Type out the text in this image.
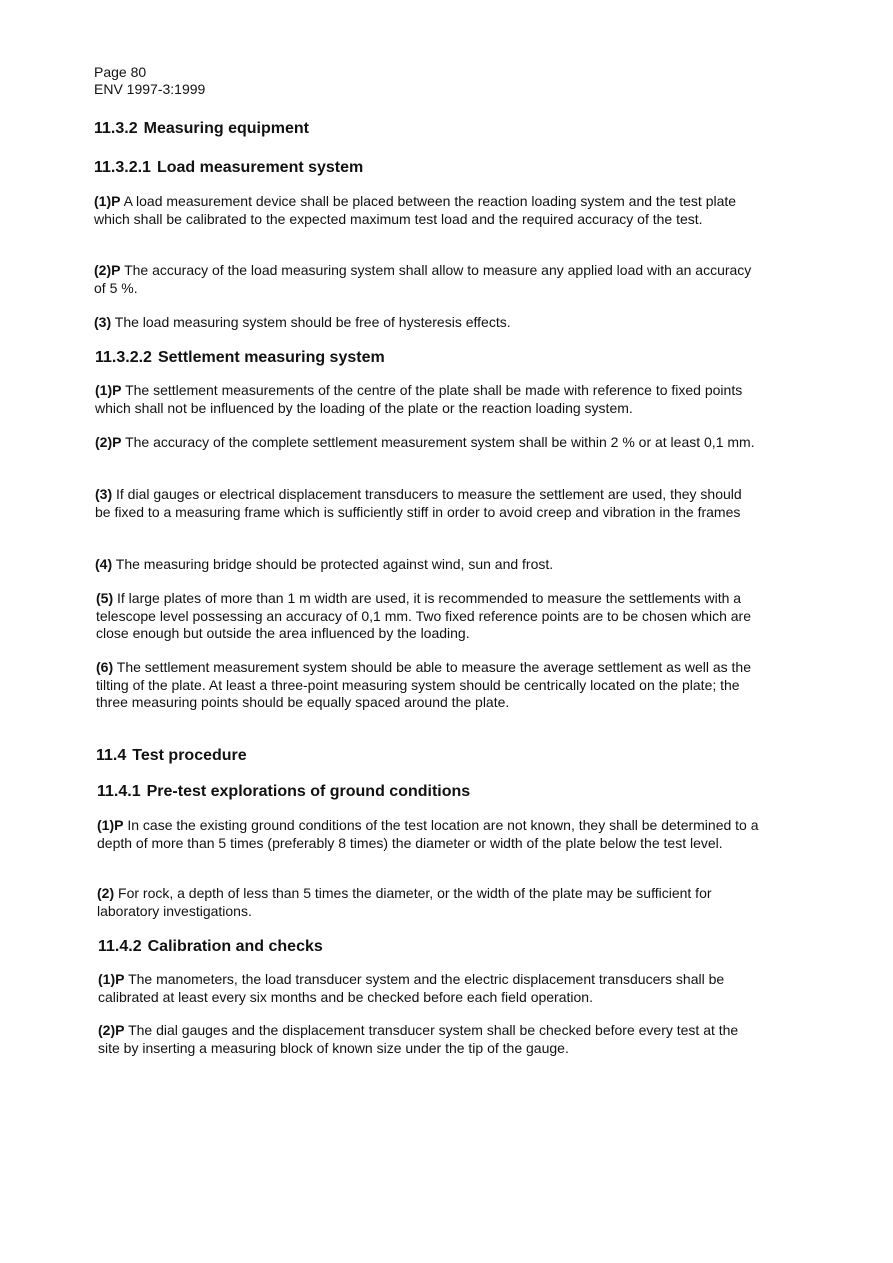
Page 80
ENV 1997-3:1999
11.3.2 Measuring equipment
11.3.2.1 Load measurement system

(1)P A load measurement device shall be placed between the reaction loading system and the test plate which shall be calibrated to the expected maximum test load and the required accuracy of the test.

(2)P The accuracy of the load measuring system shall allow to measure any applied load with an accuracy of 5 %.

(3) The load measuring system should be free of hysteresis effects.

11.3.2.2 Settlement measuring system

(1)P The settlement measurements of the centre of the plate shall be made with reference to fixed points which shall not be influenced by the loading of the plate or the reaction loading system.

(2)P The accuracy of the complete settlement measurement system shall be within 2 % or at least 0,1 mm.

(3) If dial gauges or electrical displacement transducers to measure the settlement are used, they should be fixed to a measuring frame which is sufficiently stiff in order to avoid creep and vibration in the frames

(4) The measuring bridge should be protected against wind, sun and frost.

(5) If large plates of more than 1 m width are used, it is recommended to measure the settlements with a telescope level possessing an accuracy of 0,1 mm. Two fixed reference points are to be chosen which are close enough but outside the area influenced by the loading.

(6) The settlement measurement system should be able to measure the average settlement as well as the tilting of the plate. At least a three-point measuring system should be centrically located on the plate; the three measuring points should be equally spaced around the plate.

11.4 Test procedure
11.4.1 Pre-test explorations of ground conditions

(1)P In case the existing ground conditions of the test location are not known, they shall be determined to a depth of more than 5 times (preferably 8 times) the diameter or width of the plate below the test level.

(2) For rock, a depth of less than 5 times the diameter, or the width of the plate may be sufficient for laboratory investigations.

11.4.2 Calibration and checks

(1)P The manometers, the load transducer system and the electric displacement transducers shall be calibrated at least every six months and be checked before each field operation.

(2)P The dial gauges and the displacement transducer system shall be checked before every test at the site by inserting a measuring block of known size under the tip of the gauge.
